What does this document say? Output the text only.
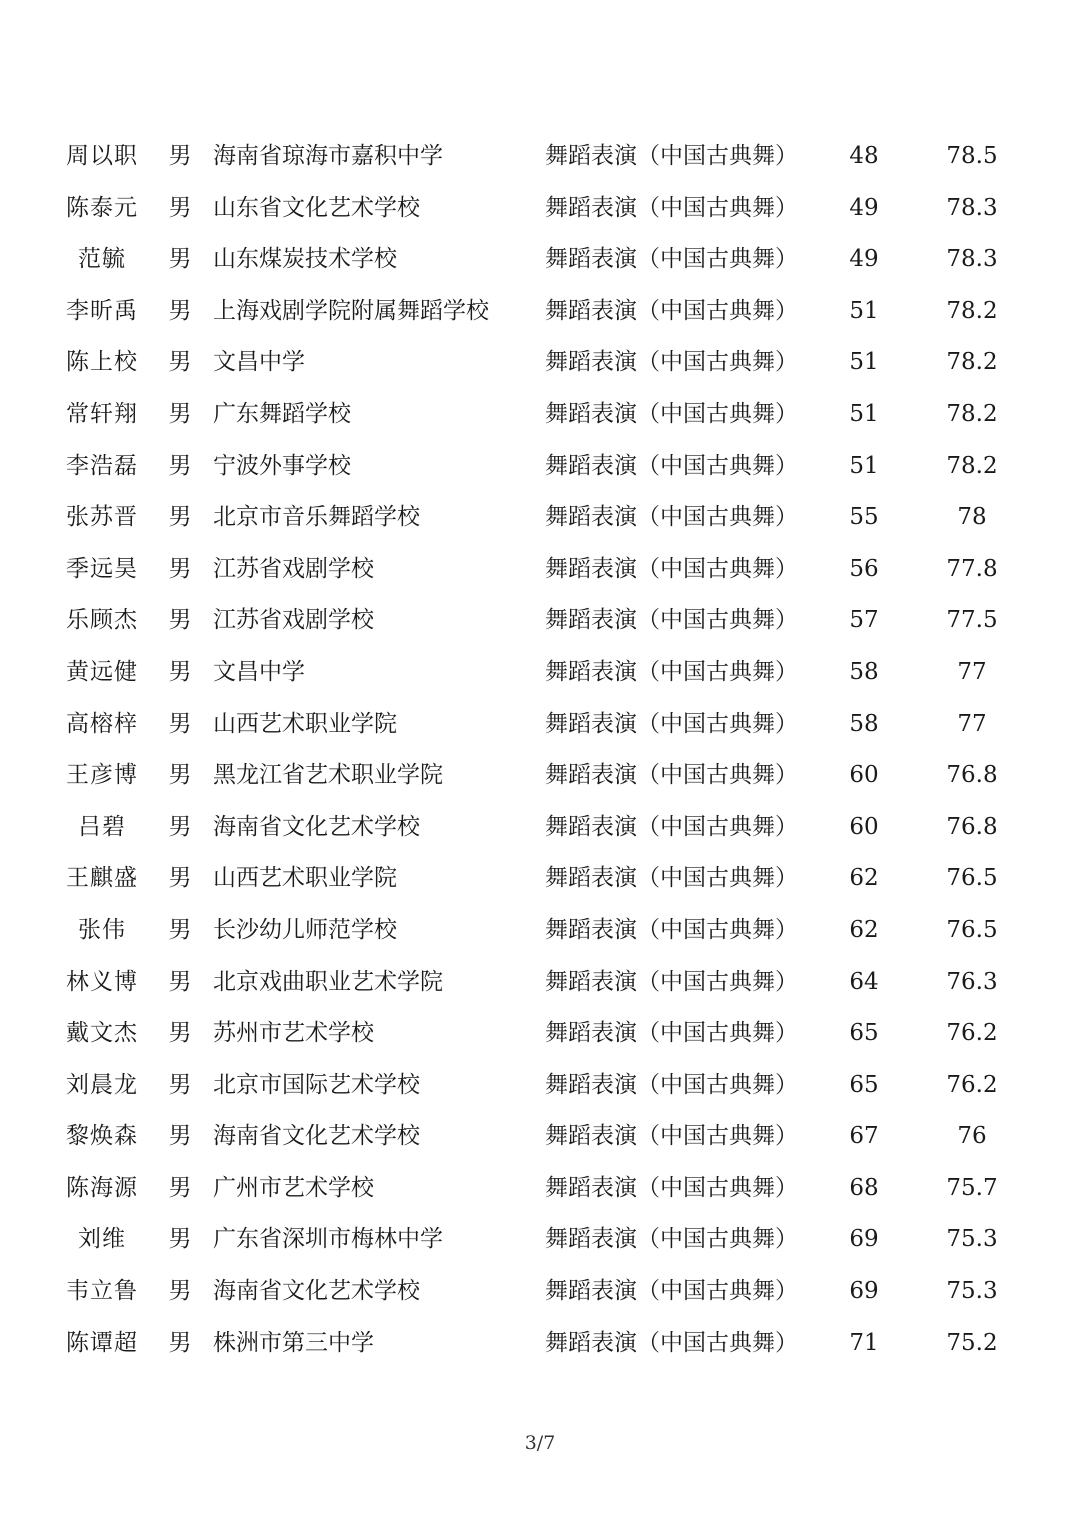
周以职 男 海南省琼海市嘉积中学	舞蹈表演（中国古典舞）	48	78.5
陈泰元 男 山东省文化艺术学校	舞蹈表演（中国古典舞）	49	78.3
范毓	男 山东煤炭技术学校	舞蹈表演（中国古典舞）	49	78.3
李昕禹 男 上海戏剧学院附属舞蹈学校	舞蹈表演（中国古典舞）	51	78.2
陈上校 男 文昌中学	舞蹈表演（中国古典舞）	51	78.2
常轩翔 男 广东舞蹈学校	舞蹈表演（中国古典舞）	51	78.2
李浩磊 男 宁波外事学校	舞蹈表演（中国古典舞）	51	78.2
张苏晋 男 北京市音乐舞蹈学校	舞蹈表演（中国古典舞）	55	78
季远昊 男 江苏省戏剧学校	舞蹈表演（中国古典舞）	56	77.8
乐顾杰 男 江苏省戏剧学校	舞蹈表演（中国古典舞）	57	77.5
黄远健 男 文昌中学	舞蹈表演（中国古典舞）	58	77
高榕梓 男 山西艺术职业学院	舞蹈表演（中国古典舞）	58	77
王彦博 男 黑龙江省艺术职业学院	舞蹈表演（中国古典舞）	60	76.8
吕碧	男 海南省文化艺术学校	舞蹈表演（中国古典舞）	60	76.8
王麒盛 男 山西艺术职业学院	舞蹈表演（中国古典舞）	62	76.5
张伟	男 长沙幼儿师范学校	舞蹈表演（中国古典舞）	62	76.5
林义博 男 北京戏曲职业艺术学院	舞蹈表演（中国古典舞）	64	76.3
戴文杰 男 苏州市艺术学校	舞蹈表演（中国古典舞）	65	76.2
刘晨龙 男 北京市国际艺术学校	舞蹈表演（中国古典舞）	65	76.2
黎焕森 男 海南省文化艺术学校	舞蹈表演（中国古典舞）	67	76
陈海源 男 广州市艺术学校	舞蹈表演（中国古典舞）	68	75.7
刘维	男 广东省深圳市梅林中学	舞蹈表演（中国古典舞）	69	75.3
韦立鲁 男 海南省文化艺术学校	舞蹈表演（中国古典舞）	69	75.3
陈谭超 男 株洲市第三中学	舞蹈表演（中国古典舞）	71	75.2
3/7
